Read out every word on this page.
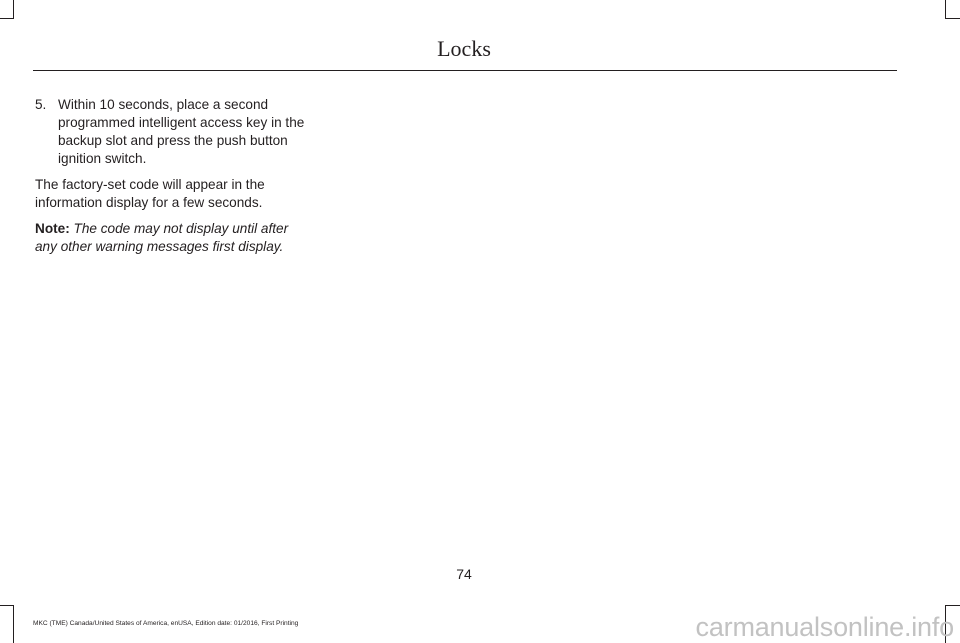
Locks
5. Within 10 seconds, place a second programmed intelligent access key in the backup slot and press the push button ignition switch.

The factory-set code will appear in the information display for a few seconds.

Note: The code may not display until after any other warning messages first display.

74
MKC (TME) Canada/United States of America, enUSA, Edition date: 01/2016, First Printing	carmanualsonline.info
